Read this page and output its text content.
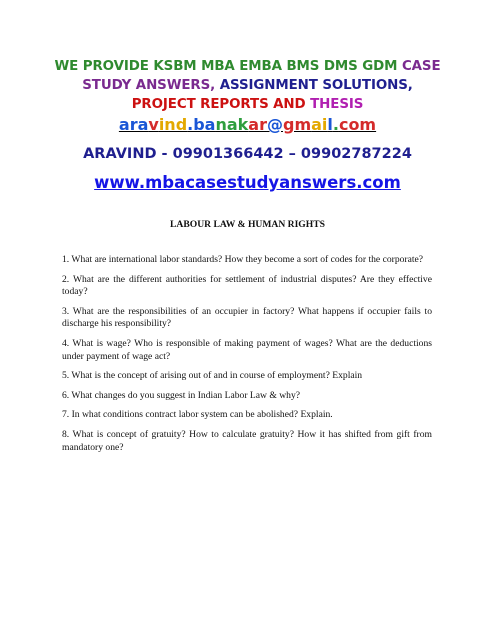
WE PROVIDE KSBM MBA EMBA BMS DMS GDM CASE
STUDY ANSWERS, ASSIGNMENT SOLUTIONS,
PROJECT REPORTS AND THESIS
aravind.banakar@gmail.com
ARAVIND - 09901366442 – 09902787224
www.mbacasestudyanswers.com
LABOUR LAW & HUMAN RIGHTS
1. What are international labor standards? How they become a sort of codes for the corporate?
2. What are the different authorities for settlement of industrial disputes? Are they effective today?
3. What are the responsibilities of an occupier in factory? What happens if occupier fails to discharge his responsibility?
4. What is wage? Who is responsible of making payment of wages? What are the deductions under payment of wage act?
5. What is the concept of arising out of and in course of employment? Explain
6. What changes do you suggest in Indian Labor Law & why?
7. In what conditions contract labor system can be abolished? Explain.
8. What is concept of gratuity? How to calculate gratuity? How it has shifted from gift from mandatory one?
